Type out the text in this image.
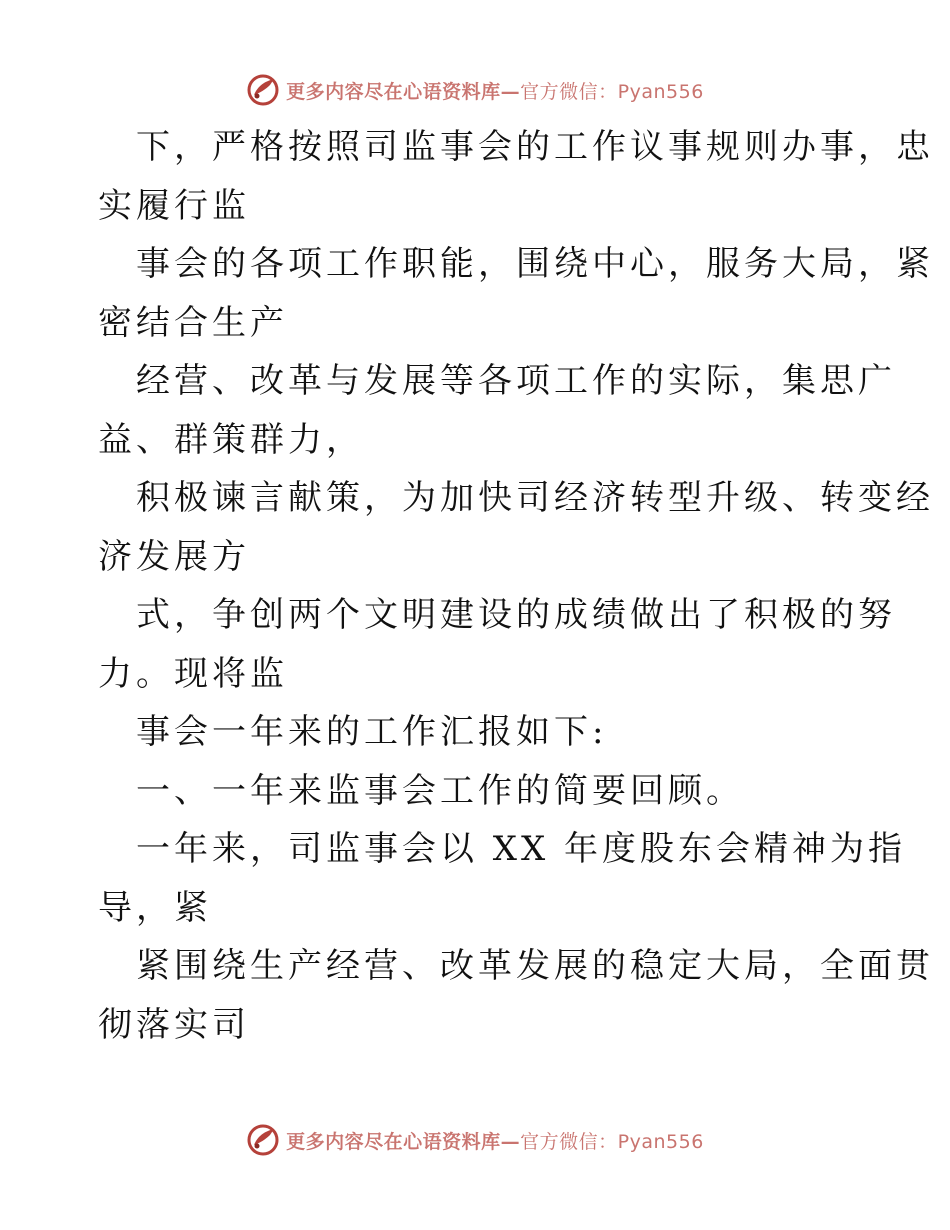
更多内容尽在心语资料库—官方微信：Pyan556
下，严格按照司监事会的工作议事规则办事，忠
实履行监
事会的各项工作职能，围绕中心，服务大局，紧
密结合生产
经营、改革与发展等各项工作的实际，集思广
益、群策群力，
积极谏言献策，为加快司经济转型升级、转变经
济发展方
式，争创两个文明建设的成绩做出了积极的努
力。现将监
事会一年来的工作汇报如下:
一、一年来监事会工作的简要回顾。
一年来，司监事会以 XX 年度股东会精神为指
导，紧
紧围绕生产经营、改革发展的稳定大局，全面贯
彻落实司
更多内容尽在心语资料库—官方微信：Pyan556
